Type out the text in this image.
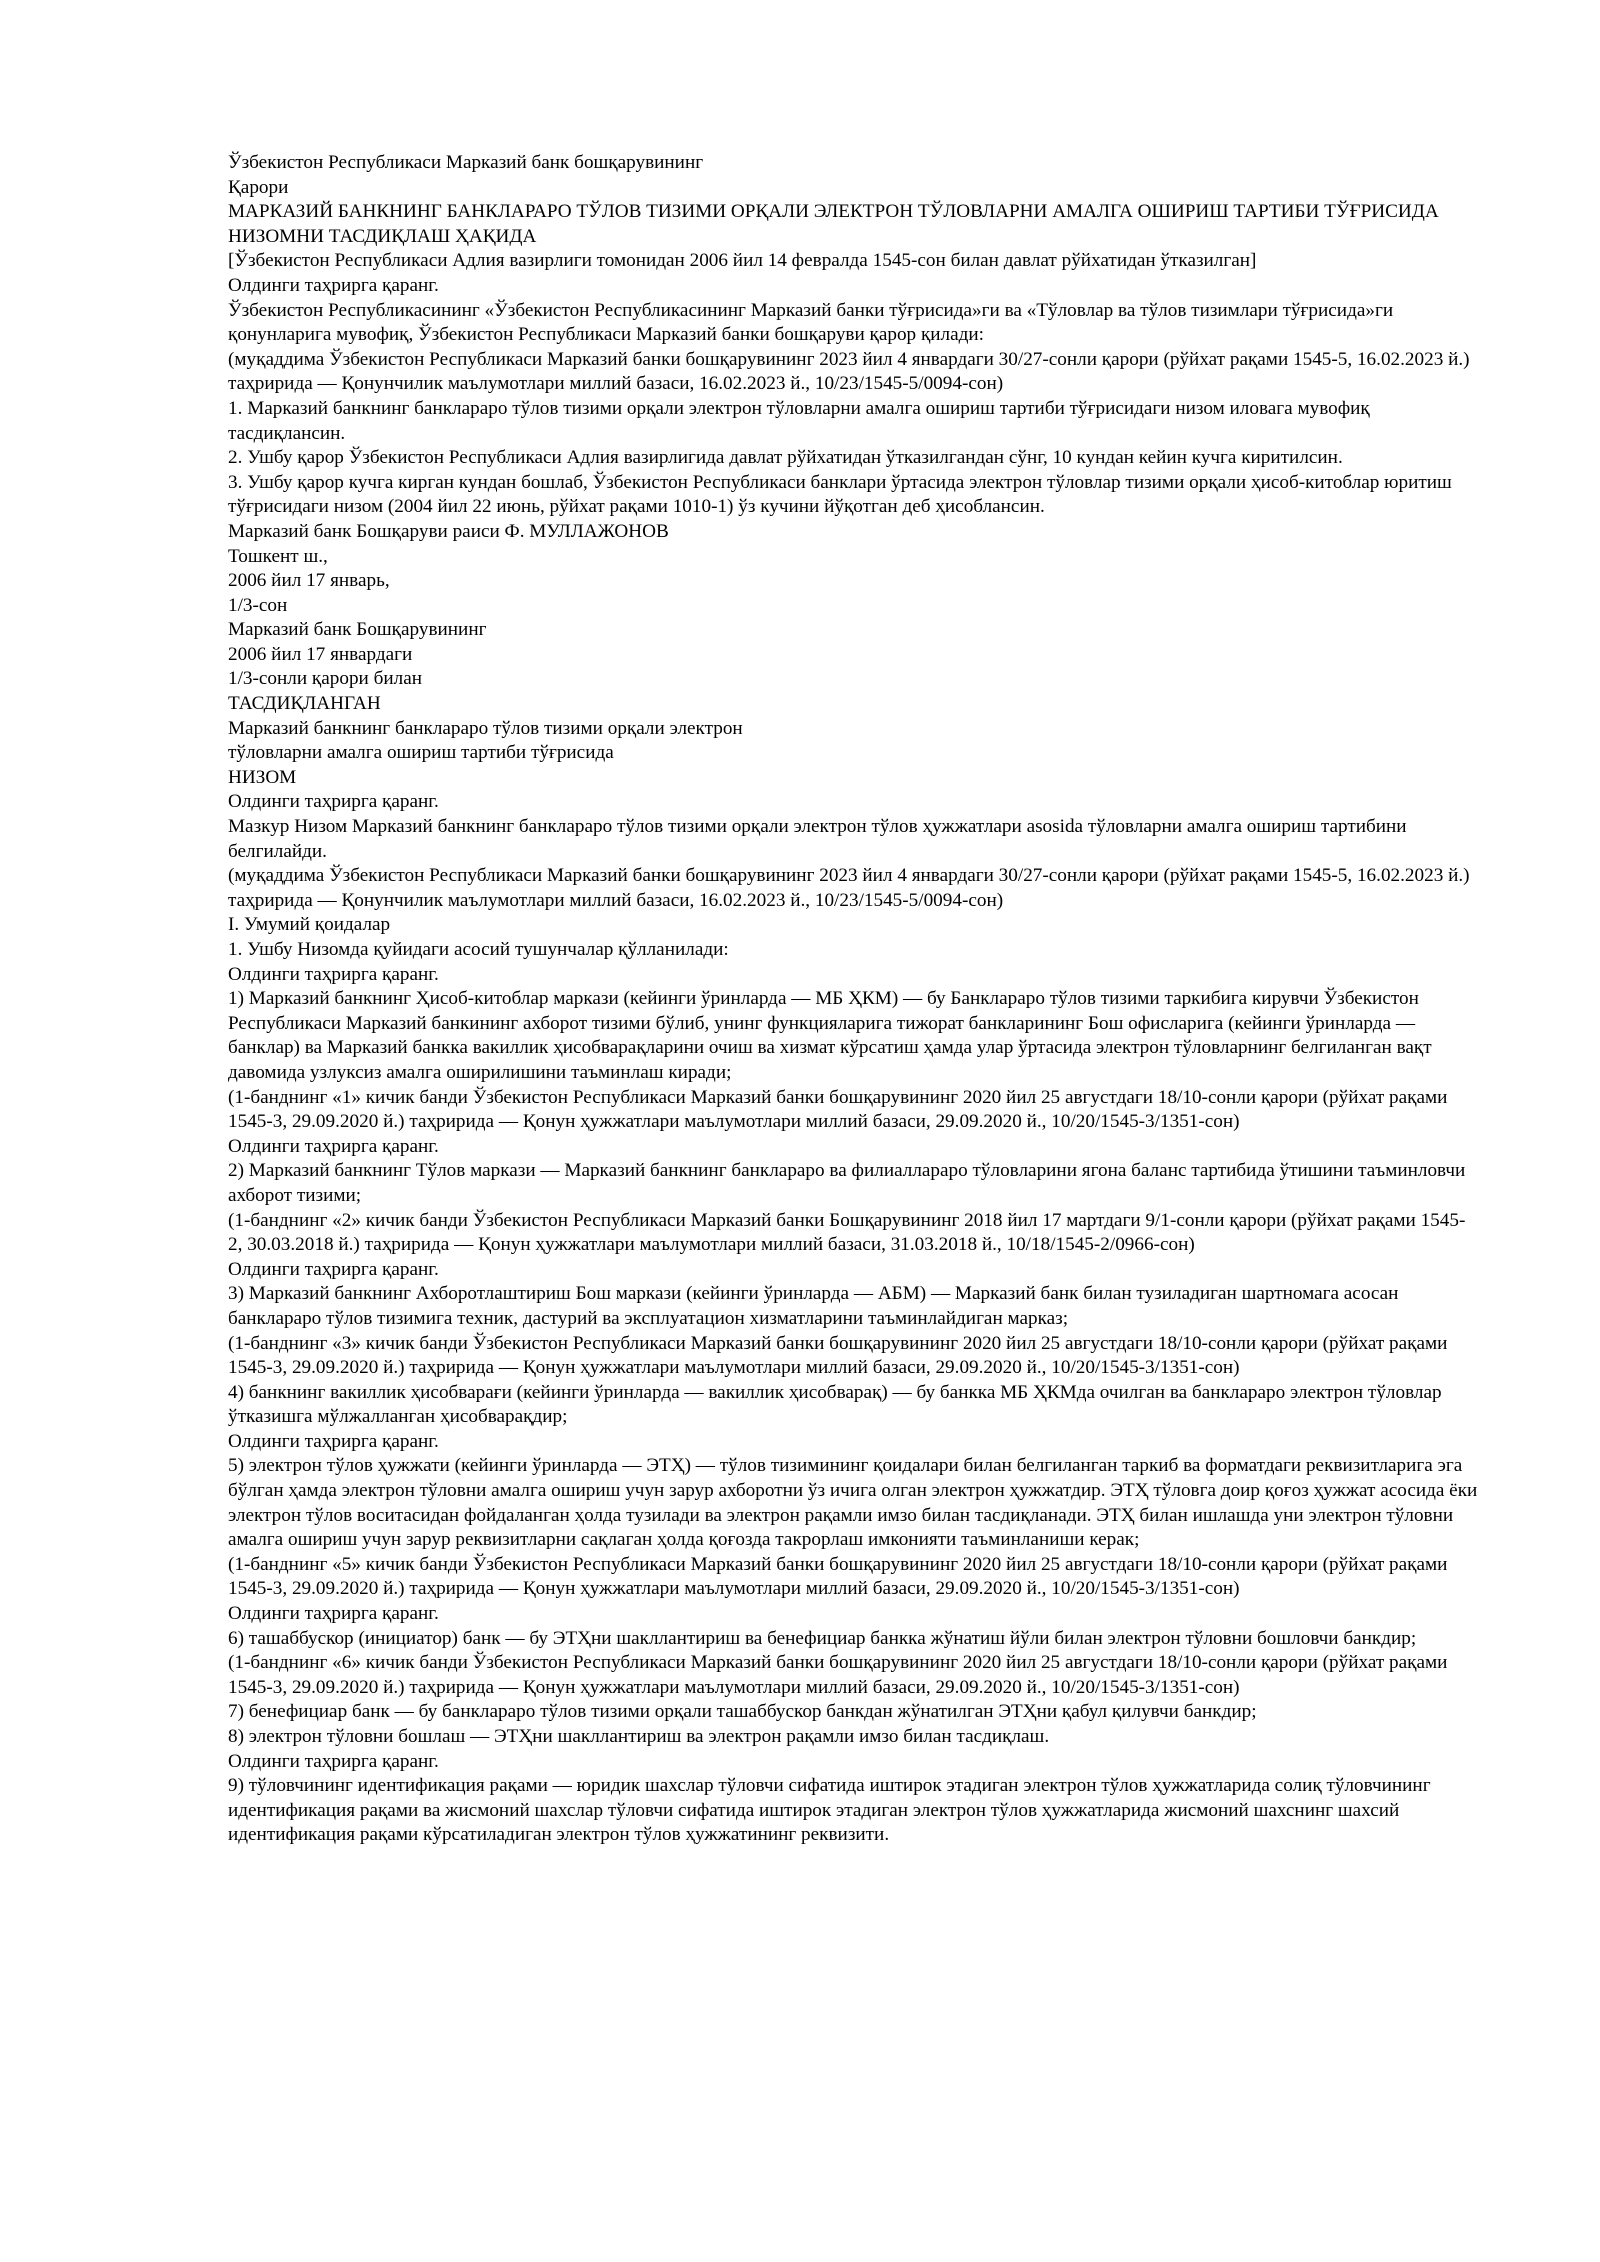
Ўзбекистон Республикаси Марказий банк бошқарувининг

Қарори

МАРКАЗИЙ БАНКНИНГ БАНКЛАРАРО ТЎЛОВ ТИЗИМИ ОРҚАЛИ ЭЛЕКТРОН ТЎЛОВЛАРНИ АМАЛГА ОШИРИШ ТАРТИБИ ТЎҒРИСИДА НИЗОМНИ ТАСДИҚЛАШ ҲАҚИДА

[Ўзбекистон Республикаси Адлия вазирлиги томонидан 2006 йил 14 февралда 1545-сон билан давлат рўйхатидан ўтказилган]

Олдинги таҳрирга қаранг.

Ўзбекистон Республикасининг «Ўзбекистон Республикасининг Марказий банки тўғрисида»ги ва «Тўловлар ва тўлов тизимлари тўғрисида»ги қонунларига мувофиқ, Ўзбекистон Республикаси Марказий банки бошқаруви қарор қилади:

(муқаддима Ўзбекистон Республикаси Марказий банки бошқарувининг 2023 йил 4 январдаги 30/27-сонли қарори (рўйхат рақами 1545-5, 16.02.2023 й.) таҳририда — Қонунчилик маълумотлари миллий базаси, 16.02.2023 й., 10/23/1545-5/0094-сон)

1. Марказий банкнинг банклараро тўлов тизими орқали электрон тўловларни амалга ошириш тартиби тўғрисидаги низом иловага мувофиқ тасдиқлансин.

2. Ушбу қарор Ўзбекистон Республикаси Адлия вазирлигида давлат рўйхатидан ўтказилгандан сўнг, 10 кундан кейин кучга киритилсин.

3. Ушбу қарор кучга кирган кундан бошлаб, Ўзбекистон Республикаси банклари ўртасида электрон тўловлар тизими орқали ҳисоб-китоблар юритиш тўғрисидаги низом (2004 йил 22 июнь, рўйхат рақами 1010-1) ўз кучини йўқотган деб ҳисоблансин.

Марказий банк Бошқаруви раиси Ф. МУЛЛАЖОНОВ

Тошкент ш.,

2006 йил 17 январь,

1/3-сон

Марказий банк Бошқарувининг

2006 йил 17 январдаги

1/3-сонли қарори билан

ТАСДИҚЛАНГАН

Марказий банкнинг банклараро тўлов тизими орқали электрон

тўловларни амалга ошириш тартиби тўғрисида

НИЗОМ

Олдинги таҳрирга қаранг.

Мазкур Низом Марказий банкнинг банклараро тўлов тизими орқали электрон тўлов ҳужжатлари asosida тўловларни амалга ошириш тартибини белгилайди.

(муқаддима Ўзбекистон Республикаси Марказий банки бошқарувининг 2023 йил 4 январдаги 30/27-сонли қарори (рўйхат рақами 1545-5, 16.02.2023 й.) таҳририда — Қонунчилик маълумотлари миллий базаси, 16.02.2023 й., 10/23/1545-5/0094-сон)

I. Умумий қоидалар

1. Ушбу Низомда қуйидаги асосий тушунчалар қўлланилади:

Олдинги таҳрирга қаранг.

1) Марказий банкнинг Ҳисоб-китоблар маркази (кейинги ўринларда — МБ ҲКМ) — бу Банклараро тўлов тизими таркибига кирувчи Ўзбекистон Республикаси Марказий банкининг ахборот тизими бўлиб, унинг функцияларига тижорат банкларининг Бош офисларига (кейинги ўринларда — банклар) ва Марказий банкка вакиллик ҳисобварақларини очиш ва хизмат кўрсатиш ҳамда улар ўртасида электрон тўловларнинг белгиланган вақт давомида узлуксиз амалга оширилишини таъминлаш киради;

(1-банднинг «1» кичик банди Ўзбекистон Республикаси Марказий банки бошқарувининг 2020 йил 25 августдаги 18/10-сонли қарори (рўйхат рақами 1545-3, 29.09.2020 й.) таҳририда — Қонун ҳужжатлари маълумотлари миллий базаси, 29.09.2020 й., 10/20/1545-3/1351-сон)

Олдинги таҳрирга қаранг.

2) Марказий банкнинг Тўлов маркази — Марказий банкнинг банклараро ва филиалларaро тўловларини ягона баланс тартибида ўтишини таъминловчи ахборот тизими;

(1-банднинг «2» кичик банди Ўзбекистон Республикаси Марказий банки Бошқарувининг 2018 йил 17 мартдаги 9/1-сонли қарори (рўйхат рақами 1545-2, 30.03.2018 й.) таҳририда — Қонун ҳужжатлари маълумотлари миллий базаси, 31.03.2018 й., 10/18/1545-2/0966-сон)

Олдинги таҳрирга қаранг.

3) Марказий банкнинг Ахборотлаштириш Бош маркази (кейинги ўринларда — АБМ) — Марказий банк билан тузиладиган шартномага асосан банклараро тўлов тизимига техник, дастурий ва эксплуатацион хизматларини таъминлайдиган марказ;

(1-банднинг «3» кичик банди Ўзбекистон Республикаси Марказий банки бошқарувининг 2020 йил 25 августдаги 18/10-сонли қарори (рўйхат рақами 1545-3, 29.09.2020 й.) таҳририда — Қонун ҳужжатлари маълумотлари миллий базаси, 29.09.2020 й., 10/20/1545-3/1351-сон)

4) банкнинг вакиллик ҳисобварағи (кейинги ўринларда — вакиллик ҳисобварақ) — бу банкка МБ ҲКМда очилган ва банклараро электрон тўловлар ўтказишга мўлжалланган ҳисобварақдир;

Олдинги таҳрирга қаранг.

5) электрон тўлов ҳужжати (кейинги ўринларда — ЭТҲ) — тўлов тизимининг қоидалари билан белгиланган таркиб ва форматдаги реквизитларига эга бўлган ҳамда электрон тўловни амалга ошириш учун зарур ахборотни ўз ичига олган электрон ҳужжатдир. ЭТҲ тўловга доир қоғоз ҳужжат асосида ёки электрон тўлов воситасидан фойдаланган ҳолда тузилади ва электрон рақамли имзо билан тасдиқланади. ЭТҲ билан ишлашда уни электрон тўловни амалга ошириш учун зарур реквизитларни сақлаган ҳолда қоғозда такрорлаш имконияти таъминланиши керак;

(1-банднинг «5» кичик банди Ўзбекистон Республикаси Марказий банки бошқарувининг 2020 йил 25 августдаги 18/10-сонли қарори (рўйхат рақами 1545-3, 29.09.2020 й.) таҳририда — Қонун ҳужжатлари маълумотлари миллий базаси, 29.09.2020 й., 10/20/1545-3/1351-сон)

Олдинги таҳрирга қаранг.

6) ташаббускор (инициатор) банк — бу ЭТҲни шакллантириш ва бенефициар банкка жўнатиш йўли билан электрон тўловни бошловчи банкдир;

(1-банднинг «6» кичик банди Ўзбекистон Республикаси Марказий банки бошқарувининг 2020 йил 25 августдаги 18/10-сонли қарори (рўйхат рақами 1545-3, 29.09.2020 й.) таҳририда — Қонун ҳужжатлари маълумотлари миллий базаси, 29.09.2020 й., 10/20/1545-3/1351-сон)

7) бенефициар банк — бу банклараро тўлов тизими орқали ташаббускор банкдан жўнатилган ЭТҲни қабул қилувчи банкдир;

8) электрон тўловни бошлаш — ЭТҲни шакллантириш ва электрон рақамли имзо билан тасдиқлаш.

Олдинги таҳрирга қаранг.

9) тўловчининг идентификация рақами — юридик шахслар тўловчи сифатида иштирок этадиган электрон тўлов ҳужжатларида солиқ тўловчининг идентификация рақами ва жисмоний шахслар тўловчи сифатида иштирок этадиган электрон тўлов ҳужжатларида жисмоний шахснинг шахсий идентификация рақами кўрсатиладиган электрон тўлов ҳужжатининг реквизити.
